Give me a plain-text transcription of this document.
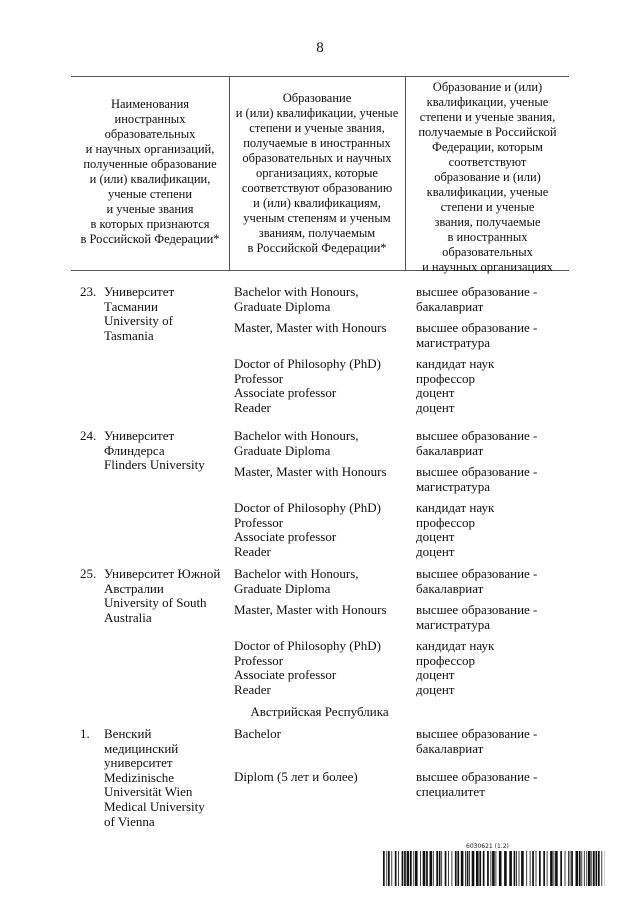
8
Наименования
иностранных
образовательных
и научных организаций,
полученные образование
и (или) квалификации,
ученые степени
и ученые звания
в которых признаются
в Российской Федерации*
Образование
и (или) квалификации, ученые
степени и ученые звания,
получаемые в иностранных
образовательных и научных
организациях, которые
соответствуют образованию
и (или) квалификациям,
ученым степеням и ученым
званиям, получаемым
в Российской Федерации*
Образование и (или)
квалификации, ученые
степени и ученые звания,
получаемые в Российской
Федерации, которым
соответствуют
образование и (или)
квалификации, ученые
степени и ученые
звания, получаемые
в иностранных
образовательных
и научных организациях
23. Университет
Тасмании
University of
Tasmania
Bachelor with Honours,
Graduate Diploma
высшее образование -
бакалавриат
Master, Master with Honours высшее образование -
магистратура
Doctor of Philosophy (PhD)
Professor
Associate professor
Reader
кандидат наук
профессор
доцент
доцент
24. Университет
Флиндерса
Flinders University
Bachelor with Honours,
Graduate Diploma
высшее образование -
бакалавриат
Master, Master with Honours высшее образование -
магистратура
Doctor of Philosophy (PhD)
Professor
Associate professor
Reader
кандидат наук
профессор
доцент
доцент
25. Университет Южной
Австралии
University of South
Australia
Bachelor with Honours,
Graduate Diploma
высшее образование -
бакалавриат
Master, Master with Honours высшее образование -
магистратура
Doctor of Philosophy (PhD)
Professor
Associate professor
Reader
кандидат наук
профессор
доцент
доцент
Австрийская Республика
1. Венский
медицинский
университет
Medizinische
Universität Wien
Medical University
of Vienna
Bachelor	высшее образование -
бакалавриат
Diplom (5 лет и более)	высшее образование -
специалитет
6030621 (1.2)
